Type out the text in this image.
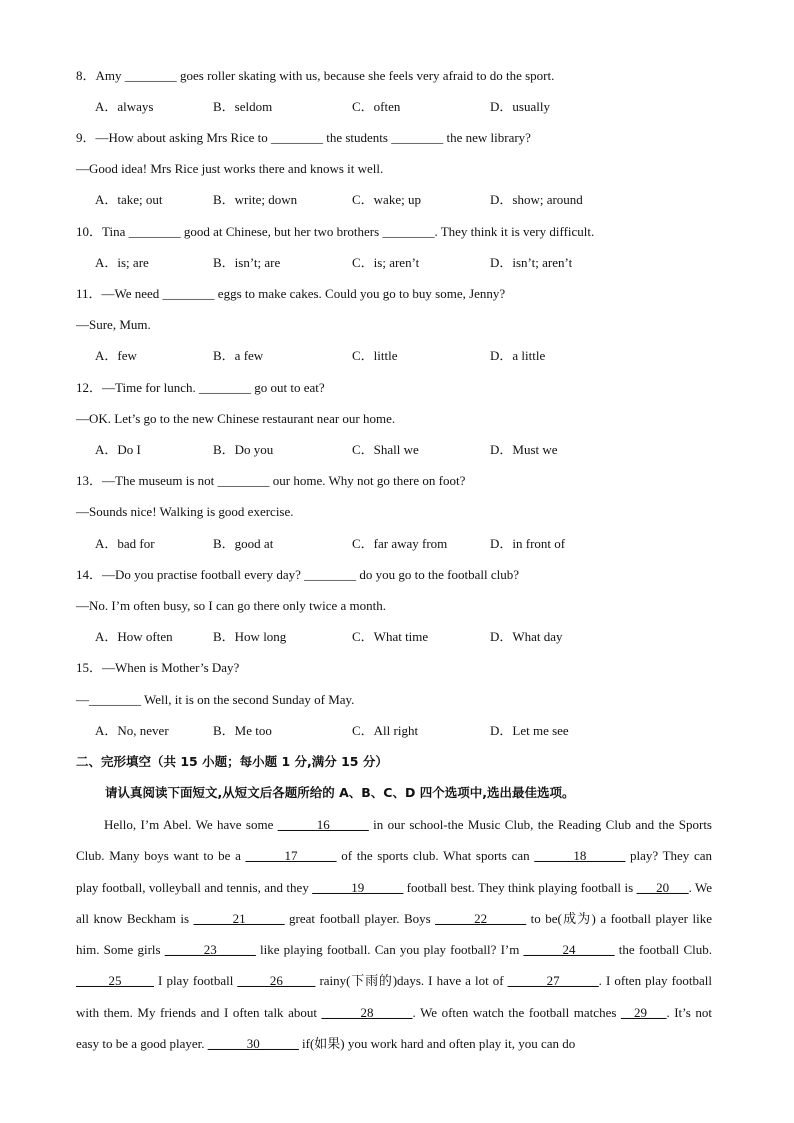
8．Amy ________ goes roller skating with us, because she feels very afraid to do the sport.
A．always	B．seldom	C．often	D．usually
9．—How about asking Mrs Rice to ________ the students ________ the new library?
—Good idea! Mrs Rice just works there and knows it well.
A．take; out	B．write; down	C．wake; up	D．show; around
10．Tina ________ good at Chinese, but her two brothers ________. They think it is very difficult.
A．is; are	B．isn’t; are	C．is; aren’t	D．isn’t; aren’t
11．—We need ________ eggs to make cakes. Could you go to buy some, Jenny?
—Sure, Mum.
A．few	B．a few	C．little	D．a little
12．—Time for lunch. ________ go out to eat?
—OK. Let’s go to the new Chinese restaurant near our home.
A．Do I	B．Do you	C．Shall we	D．Must we
13．—The museum is not ________ our home. Why not go there on foot?
—Sounds nice! Walking is good exercise.
A．bad for	B．good at	C．far away from	D．in front of
14．—Do you practise football every day? ________ do you go to the football club?
—No. I’m often busy, so I can go there only twice a month.
A．How often	B．How long	C．What time	D．What day
15．—When is Mother’s Day?
—________ Well, it is on the second Sunday of May.
A．No, never	B．Me too	C．All right	D．Let me see
二、完形填空（共 15 小题；每小题 1 分,满分 15 分）
请认真阅读下面短文,从短文后各题所给的 A、B、C、D 四个选项中,选出最佳选项。
Hello, I’m Abel. We have some ______16______ in our school-the Music Club, the Reading Club and the Sports Club. Many boys want to be a ______17______ of the sports club. What sports can ______18______ play? They can play football, volleyball and tennis, and they ______19______ football best. They think playing football is ___20___. We all know Beckham is ______21______ great football player. Boys ______22______ to be(成为) a football player like him. Some girls ______23______ like playing football. Can you play football? I’m ______24______ the football Club. _____25_____ I play football _____26_____ rainy(下雨的)days. I have a lot of ______27______. I often play football with them. My friends and I often talk about ______28______. We often watch the football matches __29___. It’s not easy to be a good player. ______30______ if(如果) you work hard and often play it, you can do
